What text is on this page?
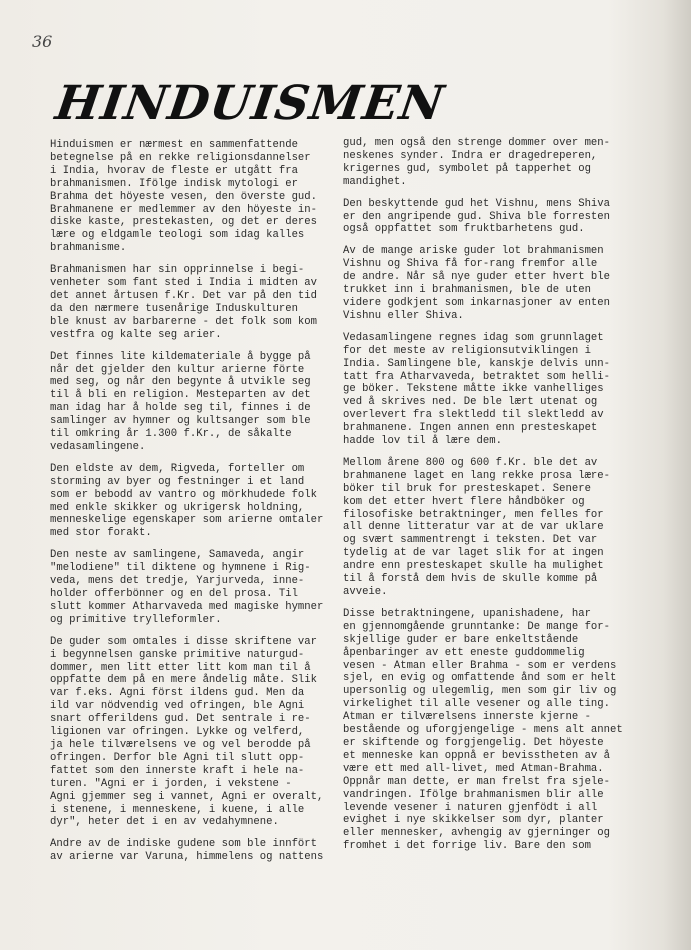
36
HINDUISMEN

Hinduismen er nærmest en sammenfattende
betegnelse på en rekke religionsdannelser
i India, hvorav de fleste er utgått fra
brahmanismen. Ifölge indisk mytologi er
Brahma det höyeste vesen, den överste gud.
Brahmanene er medlemmer av den höyeste in-
diske kaste, prestekasten, og det er deres
lære og eldgamle teologi som idag kalles
brahmanisme.

Brahmanismen har sin opprinnelse i begi-
venheter som fant sted i India i midten av
det annet årtusen f.Kr. Det var på den tid
da den nærmere tusenårige Induskulturen
ble knust av barbarerne - det folk som kom
vestfra og kalte seg arier.

Det finnes lite kildemateriale å bygge på
når det gjelder den kultur arierne förte
med seg, og når den begynte å utvikle seg
til å bli en religion. Mesteparten av det
man idag har å holde seg til, finnes i de
samlinger av hymner og kultsanger som ble
til omkring år 1.300 f.Kr., de såkalte
vedasamlingene.

Den eldste av dem, Rigveda, forteller om
storming av byer og festninger i et land
som er bebodd av vantro og mörkhudede folk
med enkle skikker og ukrigersk holdning,
menneskelige egenskaper som arierne omtaler
med stor forakt.

Den neste av samlingene, Samaveda, angir
"melodiene" til diktene og hymnene i Rig-
veda, mens det tredje, Yarjurveda, inne-
holder offerbönner og en del prosa. Til
slutt kommer Atharvaveda med magiske hymner
og primitive trylleformler.

De guder som omtales i disse skriftene var
i begynnelsen ganske primitive naturgud-
dommer, men litt etter litt kom man til å
oppfatte dem på en mere åndelig måte. Slik
var f.eks. Agni först ildens gud. Men da
ild var nödvendig ved ofringen, ble Agni
snart offerildens gud. Det sentrale i re-
ligionen var ofringen. Lykke og velferd,
ja hele tilværelsens ve og vel berodde på
ofringen. Derfor ble Agni til slutt opp-
fattet som den innerste kraft i hele na-
turen. "Agni er i jorden, i vekstene -
Agni gjemmer seg i vannet, Agni er overalt,
i stenene, i menneskene, i kuene, i alle
dyr", heter det i en av vedahymnene.

Andre av de indiske gudene som ble innfört
av arierne var Varuna, himmelens og nattens

gud, men også den strenge dommer over men-
neskenes synder. Indra er dragedreperen,
krigernes gud, symbolet på tapperhet og
mandighet.

Den beskyttende gud het Vishnu, mens Shiva
er den angripende gud. Shiva ble forresten
også oppfattet som fruktbarhetens gud.

Av de mange ariske guder lot brahmanismen
Vishnu og Shiva få for-rang fremfor alle
de andre. Når så nye guder etter hvert ble
trukket inn i brahmanismen, ble de uten
videre godkjent som inkarnasjoner av enten
Vishnu eller Shiva.

Vedasamlingene regnes idag som grunnlaget
for det meste av religionsutviklingen i
India. Samlingene ble, kanskje delvis unn-
tatt fra Atharvaveda, betraktet som helli-
ge böker. Tekstene måtte ikke vanhelliges
ved å skrives ned. De ble lært utenat og
overlevert fra slektledd til slektledd av
brahmanene. Ingen annen enn presteskapet
hadde lov til å lære dem.

Mellom årene 800 og 600 f.Kr. ble det av
brahmanene laget en lang rekke prosa lære-
böker til bruk for presteskapet. Senere
kom det etter hvert flere håndböker og
filosofiske betraktninger, men felles for
all denne litteratur var at de var uklare
og svært sammentrengt i teksten. Det var
tydelig at de var laget slik for at ingen
andre enn presteskapet skulle ha mulighet
til å forstå dem hvis de skulle komme på
avveie.

Disse betraktningene, upanishadene, har
en gjennomgående grunntanke: De mange for-
skjellige guder er bare enkeltstående
åpenbaringer av ett eneste guddommelig
vesen - Atman eller Brahma - som er verdens
sjel, en evig og omfattende ånd som er helt
upersonlig og ulegemlig, men som gir liv og
virkelighet til alle vesener og alle ting.
Atman er tilværelsens innerste kjerne -
bestående og uforgjengelige - mens alt annet
er skiftende og forgjengelig. Det höyeste
et menneske kan oppnå er bevisstheten av å
være ett med all-livet, med Atman-Brahma.
Oppnår man dette, er man frelst fra sjele-
vandringen. Ifölge brahmanismen blir alle
levende vesener i naturen gjenfödt i all
evighet i nye skikkelser som dyr, planter
eller mennesker, avhengig av gjerninger og
fromhet i det forrige liv. Bare den som
